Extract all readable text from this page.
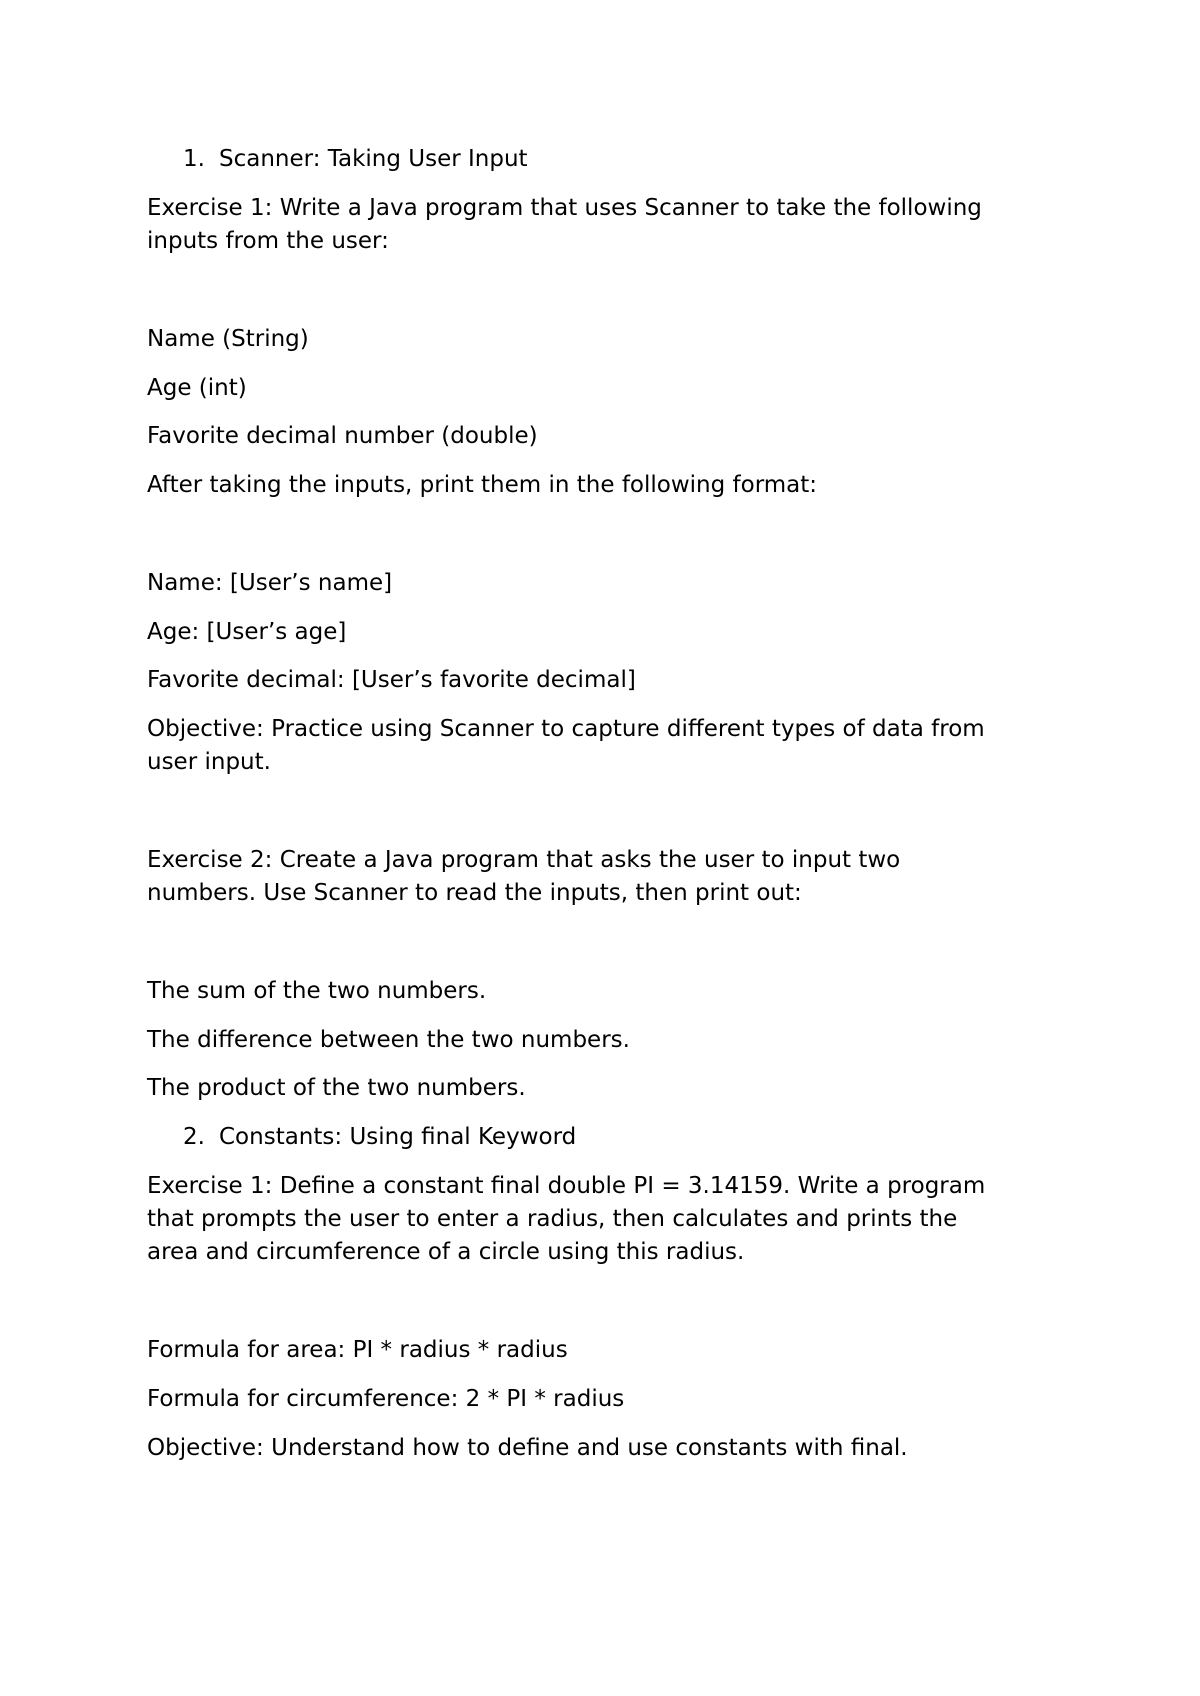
1. Scanner: Taking User Input

Exercise 1: Write a Java program that uses Scanner to take the following

inputs from the user:

Name (String)

Age (int)

Favorite decimal number (double)

After taking the inputs, print them in the following format:

Name: [User’s name]

Age: [User’s age]

Favorite decimal: [User’s favorite decimal]

Objective: Practice using Scanner to capture different types of data from

user input.

Exercise 2: Create a Java program that asks the user to input two

numbers. Use Scanner to read the inputs, then print out:

The sum of the two numbers.

The difference between the two numbers.

The product of the two numbers.

2. Constants: Using final Keyword

Exercise 1: Define a constant final double PI = 3.14159. Write a program

that prompts the user to enter a radius, then calculates and prints the

area and circumference of a circle using this radius.

Formula for area: PI * radius * radius

Formula for circumference: 2 * PI * radius

Objective: Understand how to define and use constants with final.
